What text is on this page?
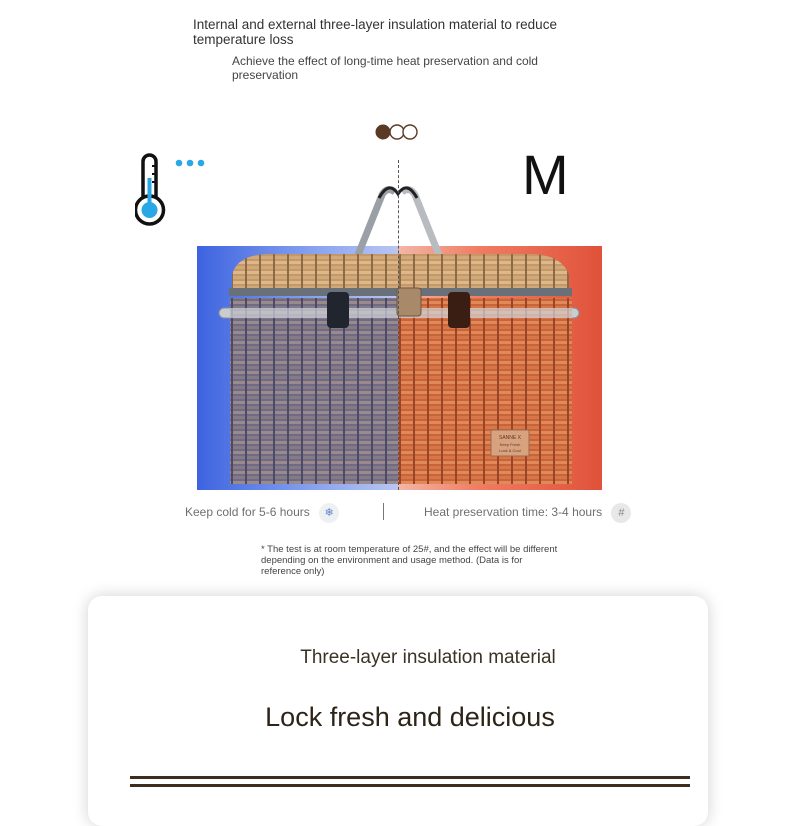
Internal and external three-layer insulation material to reduce temperature loss
Achieve the effect of long-time heat preservation and cold preservation
M
SANNE X
Keep Fresh
Lock & Cool
Keep cold for 5-6 hours ❄	Heat preservation time: 3-4 hours #
* The test is at room temperature of 25#, and the effect will be different depending on the environment and usage method. (Data is for reference only)
Three-layer insulation material
Lock fresh and delicious
